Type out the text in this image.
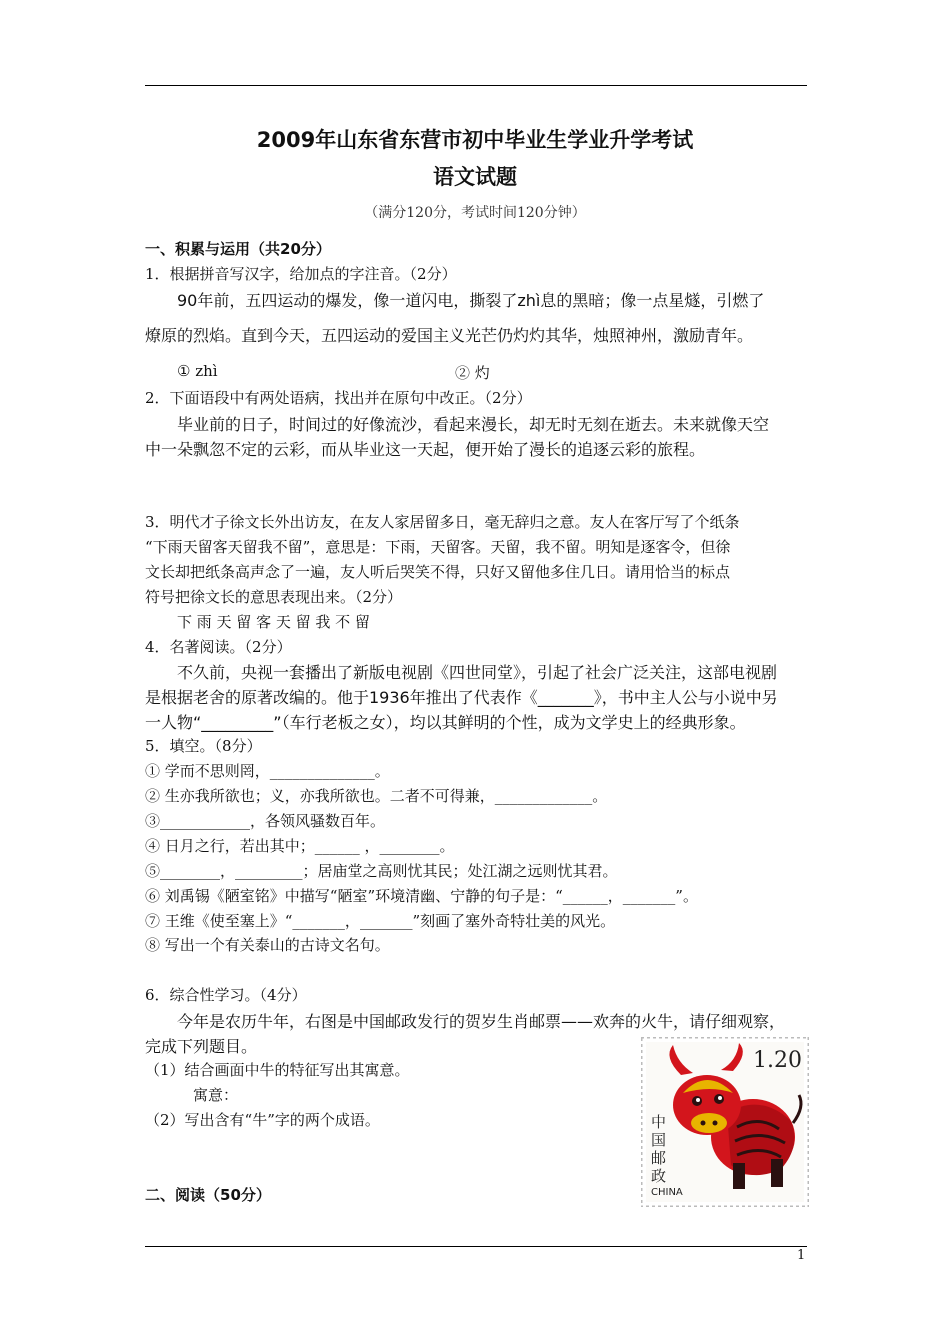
2009年山东省东营市初中毕业生学业升学考试
语文试题
（满分120分，考试时间120分钟）
一、积累与运用（共20分）
1．根据拼音写汉字，给加点的字注音。（2分）
90年前，五四运动的爆发，像一道闪电，撕裂了zhì息的黑暗；像一点星燧，引燃了
燎原的烈焰。直到今天，五四运动的爱国主义光芒仍灼灼其华，烛照神州，激励青年。
① zhì	② 灼
2．下面语段中有两处语病，找出并在原句中改正。（2分）
毕业前的日子，时间过的好像流沙，看起来漫长，却无时无刻在逝去。未来就像天空
中一朵飘忽不定的云彩，而从毕业这一天起，便开始了漫长的追逐云彩的旅程。
3．明代才子徐文长外出访友，在友人家居留多日，毫无辞归之意。友人在客厅写了个纸条
“下雨天留客天留我不留”，意思是：下雨，天留客。天留，我不留。明知是逐客令，但徐
文长却把纸条高声念了一遍，友人听后哭笑不得，只好又留他多住几日。请用恰当的标点
符号把徐文长的意思表现出来。（2分）
下 雨 天 留 客 天 留 我 不 留
4．名著阅读。（2分）
不久前，央视一套播出了新版电视剧《四世同堂》，引起了社会广泛关注，这部电视剧
是根据老舍的原著改编的。他于1936年推出了代表作《_______》，书中主人公与小说中另
一人物“_________”（车行老板之女），均以其鲜明的个性，成为文学史上的经典形象。
5．填空。（8分）
① 学而不思则罔，______________。
② 生亦我所欲也；义，亦我所欲也。二者不可得兼，_____________。
③____________，各领风骚数百年。
④ 日月之行，若出其中；______ ，________。
⑤________，_________；居庙堂之高则忧其民；处江湖之远则忧其君。
⑥ 刘禹锡《陋室铭》中描写“陋室”环境清幽、宁静的句子是：“______，_______”。
⑦ 王维《使至塞上》“_______，_______”刻画了塞外奇特壮美的风光。
⑧ 写出一个有关泰山的古诗文名句。
6．综合性学习。（4分）
今年是农历牛年，右图是中国邮政发行的贺岁生肖邮票——欢奔的火牛，请仔细观察，
完成下列题目。
（1）结合画面中牛的特征写出其寓意。
寓意：
（2）写出含有“牛”字的两个成语。
二、阅读（50分）
中
国
邮
政
CHINA
1.20
1
